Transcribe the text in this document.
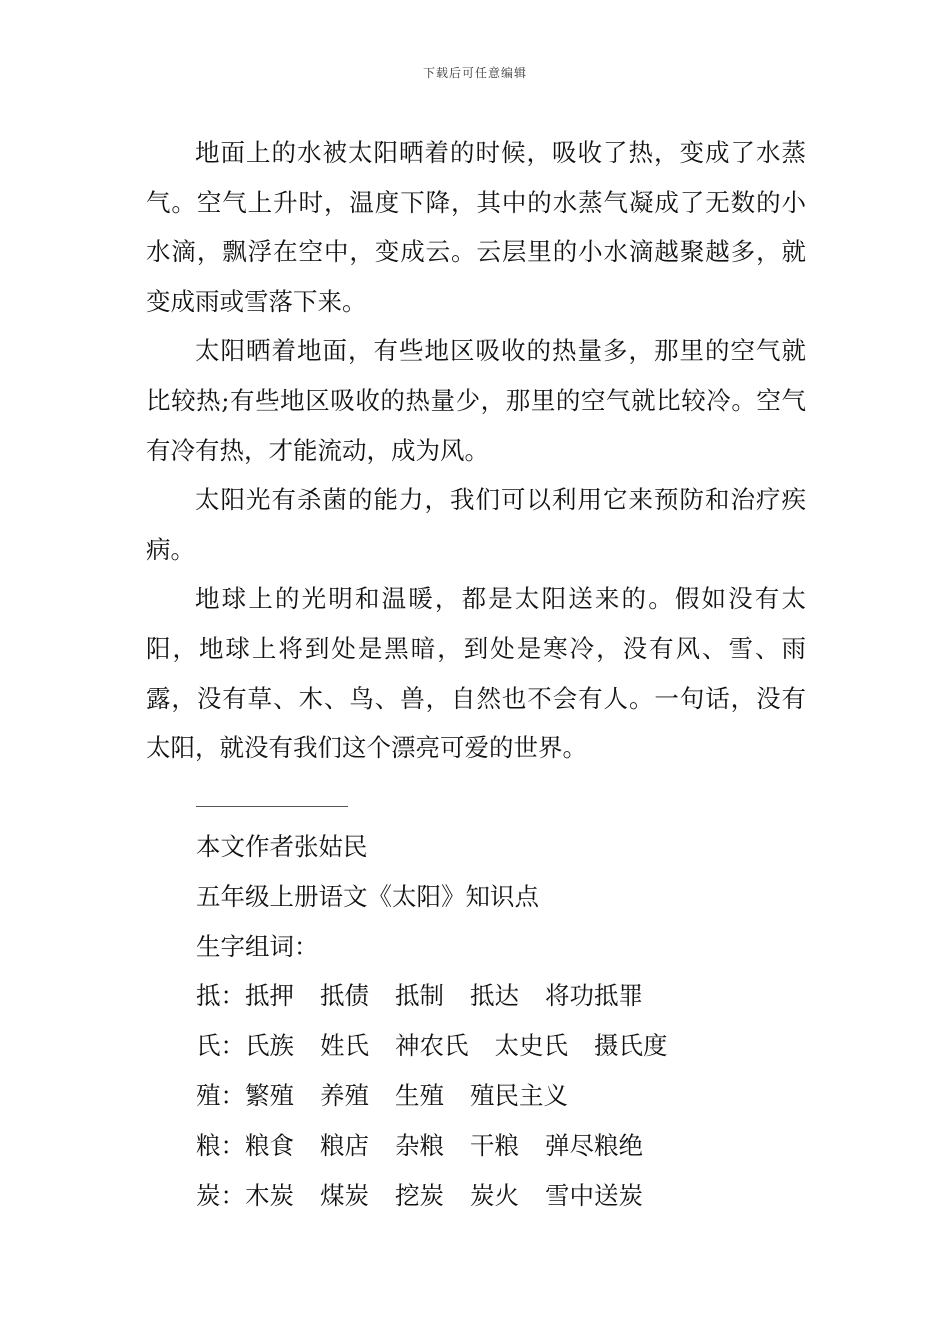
下载后可任意编辑

地面上的水被太阳晒着的时候，吸收了热，变成了水蒸气。空气上升时，温度下降，其中的水蒸气凝成了无数的小水滴，飘浮在空中，变成云。云层里的小水滴越聚越多，就变成雨或雪落下来。

太阳晒着地面，有些地区吸收的热量多，那里的空气就比较热;有些地区吸收的热量少，那里的空气就比较冷。空气有冷有热，才能流动，成为风。

太阳光有杀菌的能力，我们可以利用它来预防和治疗疾病。

地球上的光明和温暖，都是太阳送来的。假如没有太阳，地球上将到处是黑暗，到处是寒冷，没有风、雪、雨露，没有草、木、鸟、兽，自然也不会有人。一句话，没有太阳，就没有我们这个漂亮可爱的世界。

本文作者张姑民
五年级上册语文《太阳》知识点
生字组词：
抵：抵押 抵债 抵制 抵达 将功抵罪
氏：氏族 姓氏 神农氏 太史氏 摄氏度
殖：繁殖 养殖 生殖 殖民主义
粮：粮食 粮店 杂粮 干粮 弹尽粮绝
炭：木炭 煤炭 挖炭 炭火 雪中送炭
